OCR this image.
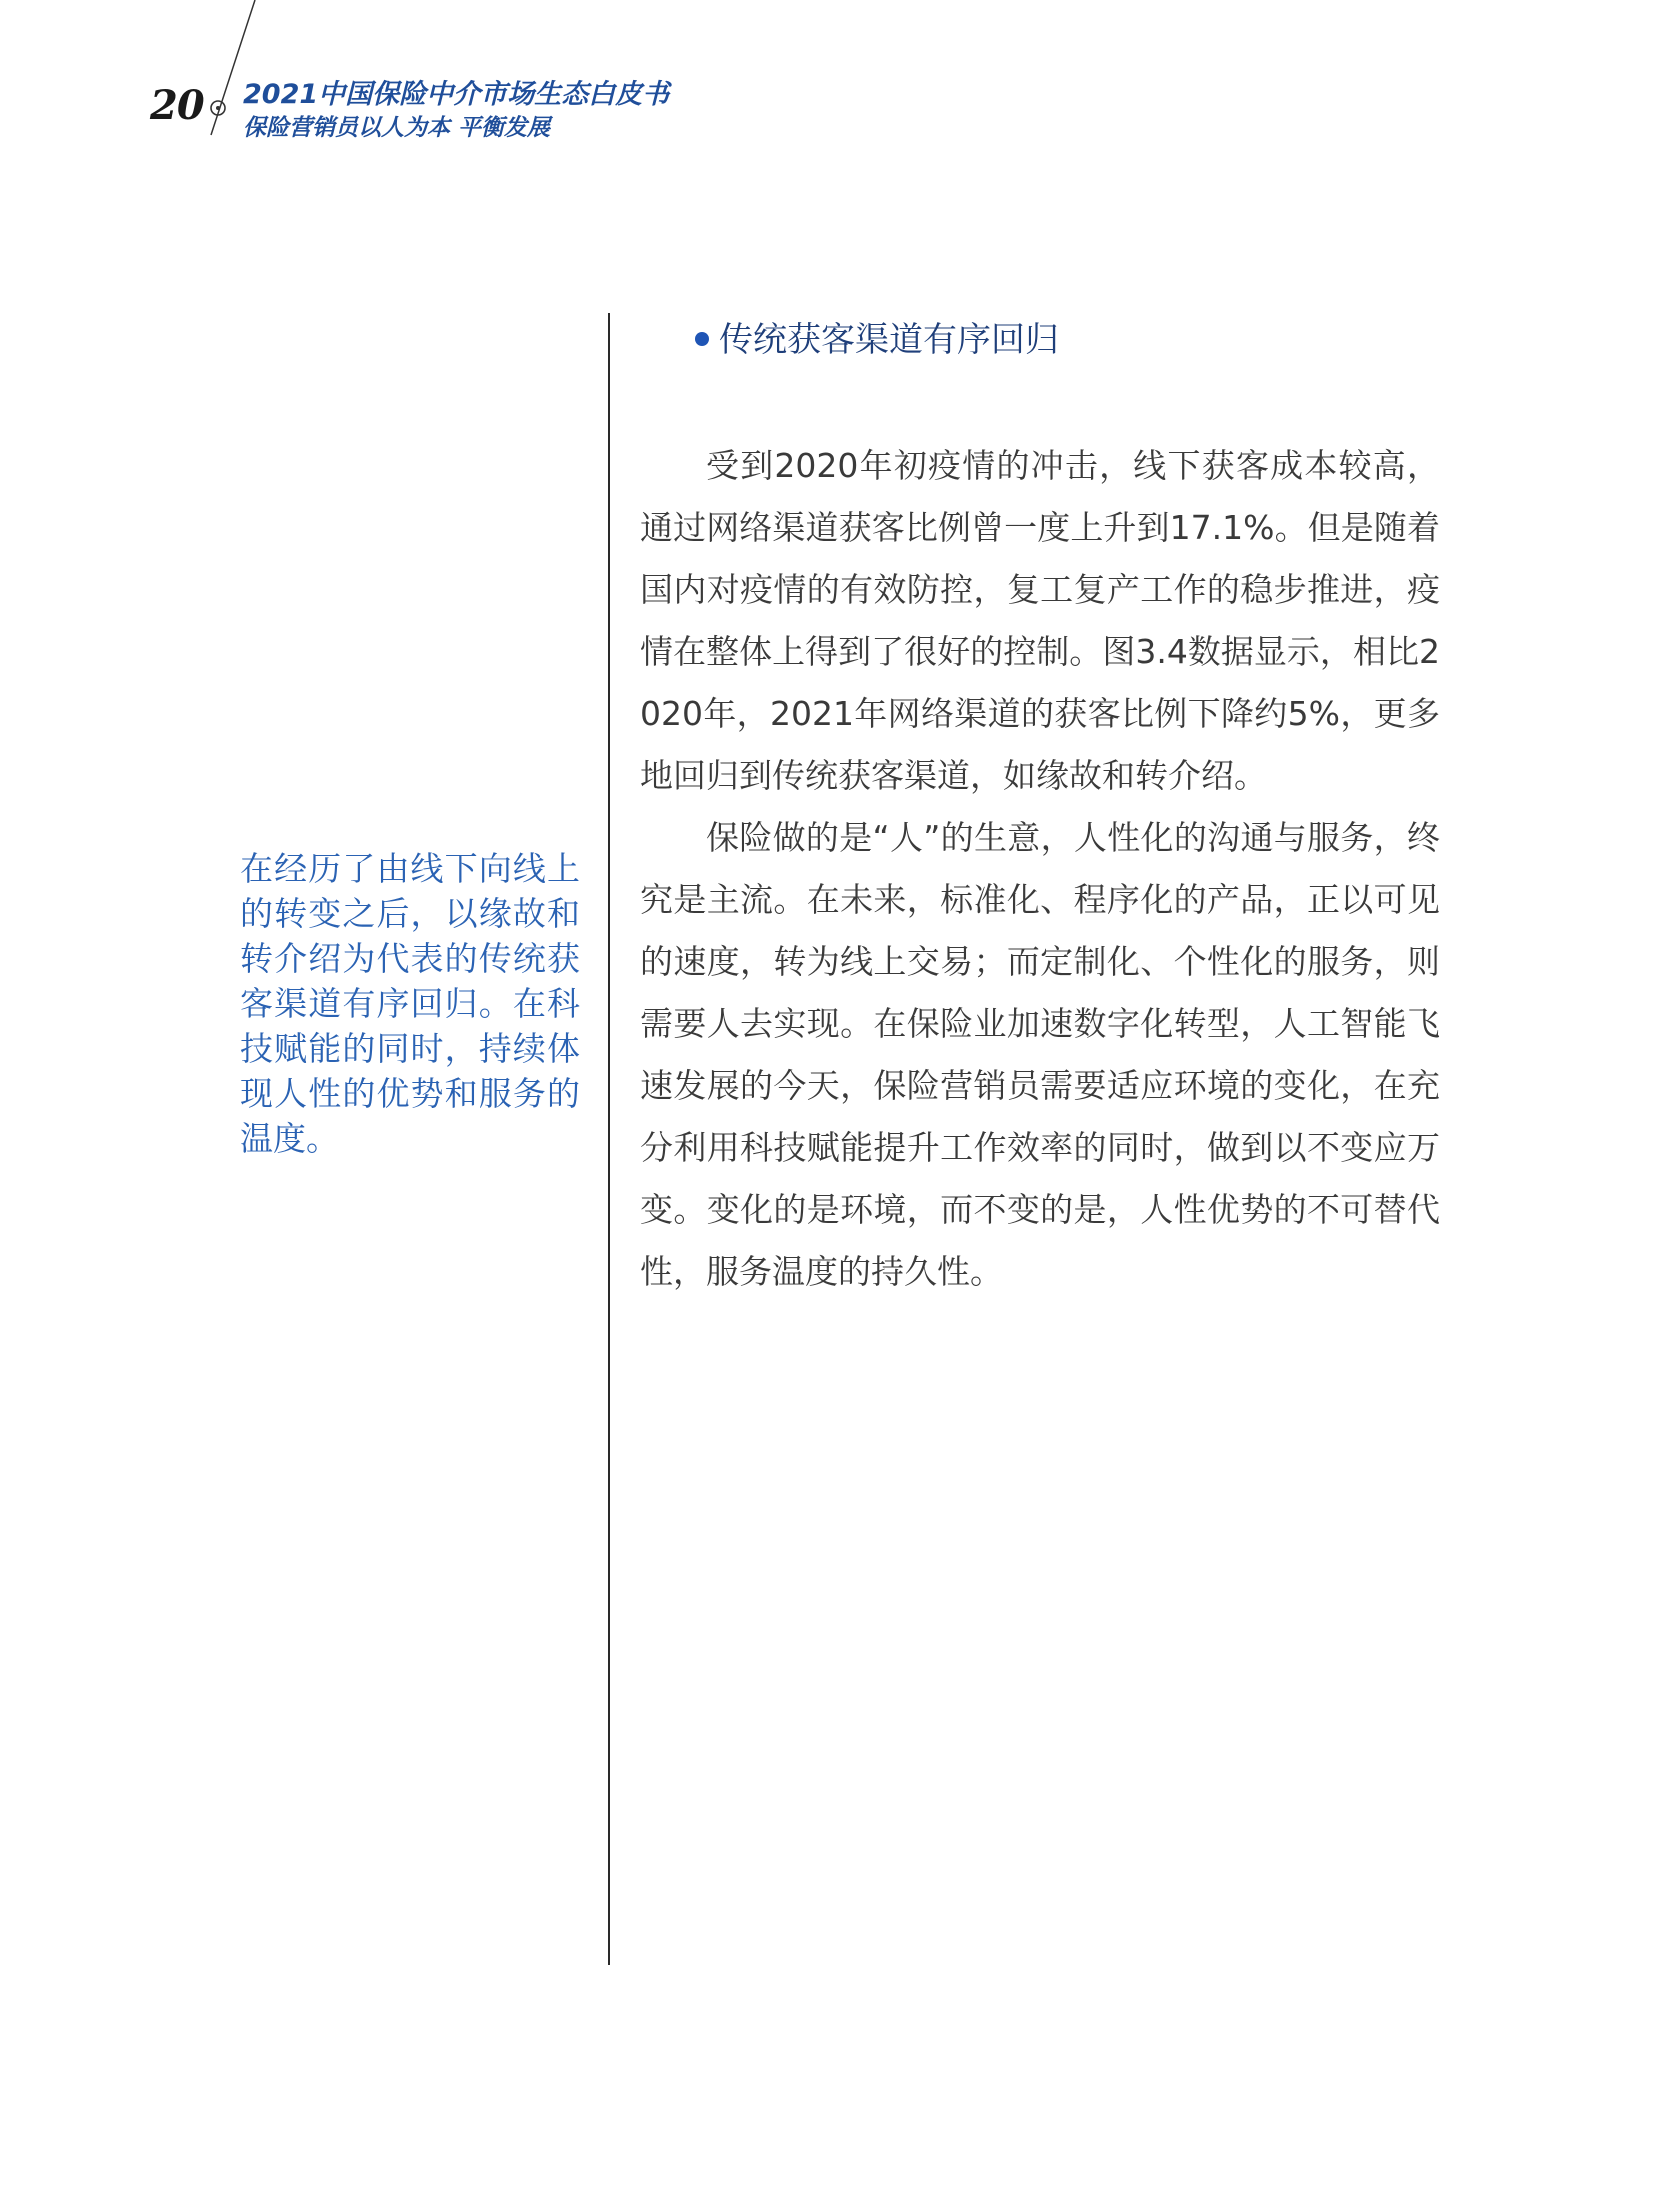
20 2021中国保险中介市场生态白皮书
保险营销员以人为本 平衡发展
在经历了由线下向线上的转变之后，以缘故和转介绍为代表的传统获客渠道有序回归。在科技赋能的同时，持续体现人性的优势和服务的温度。
传统获客渠道有序回归

受到2020年初疫情的冲击，线下获客成本较高，通过网络渠道获客比例曾一度上升到17.1%。但是随着国内对疫情的有效防控，复工复产工作的稳步推进，疫情在整体上得到了很好的控制。图3.4数据显示，相比2020年，2021年网络渠道的获客比例下降约5%，更多地回归到传统获客渠道，如缘故和转介绍。

保险做的是“人”的生意，人性化的沟通与服务，终究是主流。在未来，标准化、程序化的产品，正以可见的速度，转为线上交易；而定制化、个性化的服务，则需要人去实现。在保险业加速数字化转型，人工智能飞速发展的今天，保险营销员需要适应环境的变化，在充分利用科技赋能提升工作效率的同时，做到以不变应万变。变化的是环境，而不变的是，人性优势的不可替代性，服务温度的持久性。
